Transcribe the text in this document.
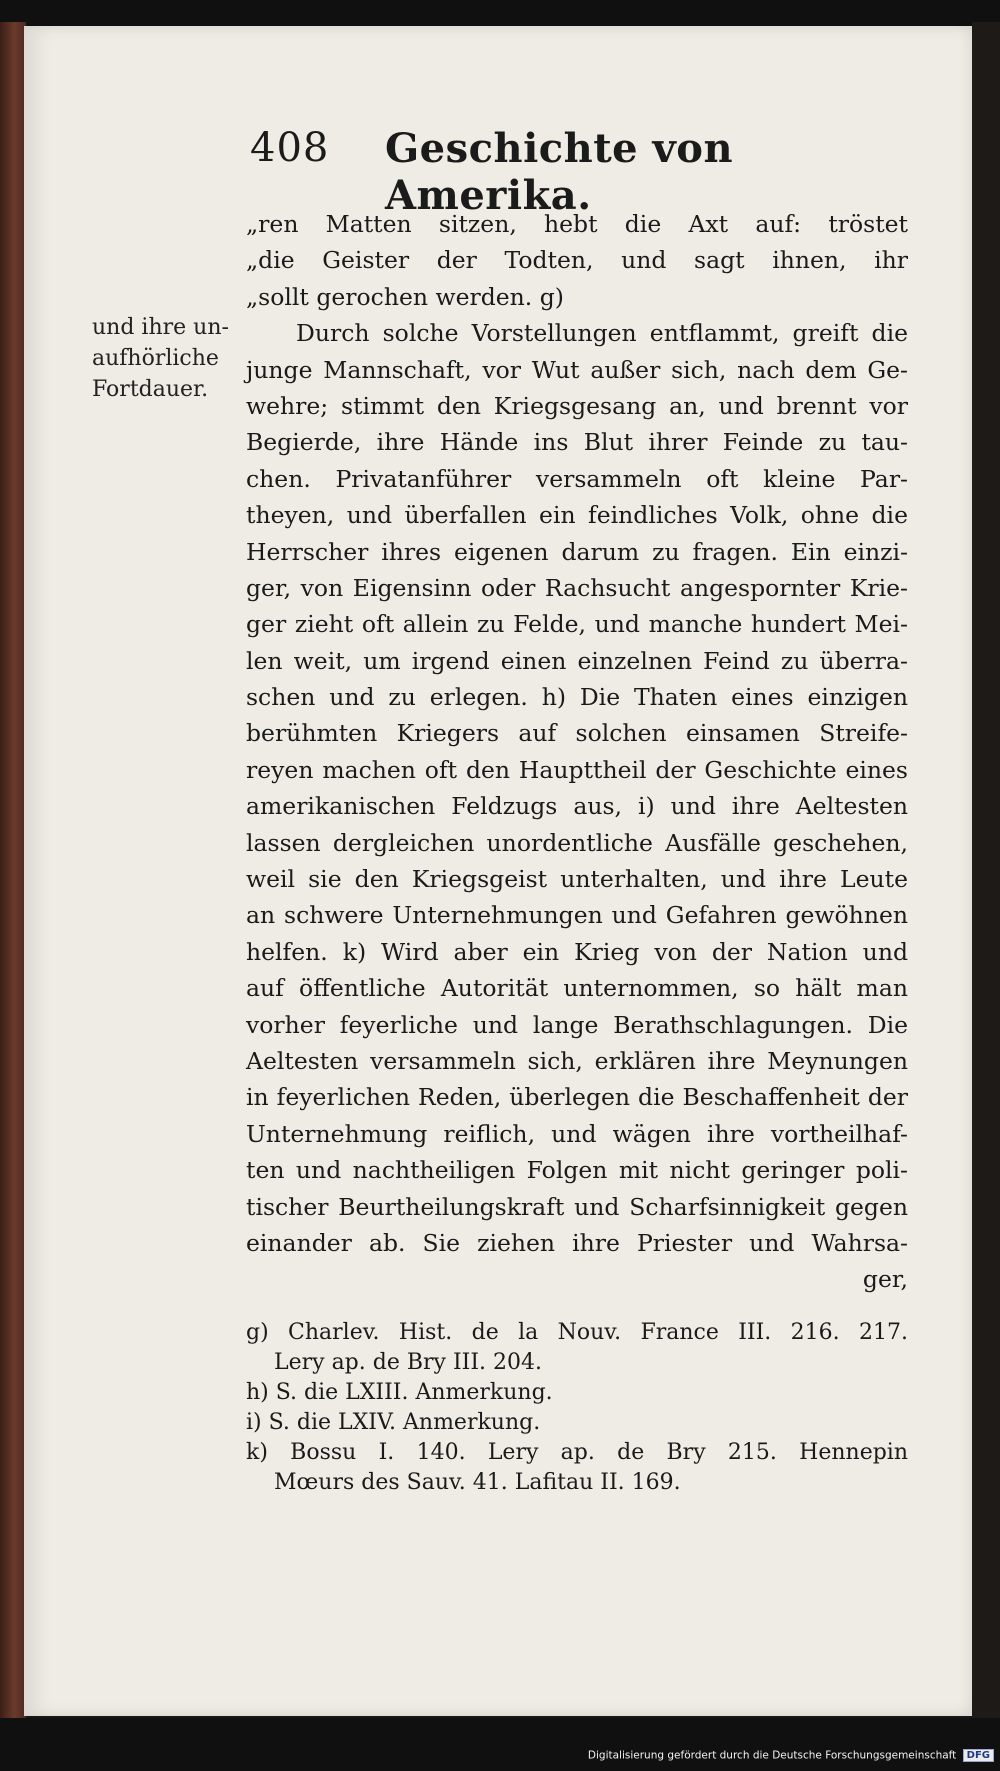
408 Geschichte von Amerika.
und ihre un-
aufhörliche
Fortdauer.
„ren Matten sitzen, hebt die Axt auf: tröstet
„die Geister der Todten, und sagt ihnen, ihr
„sollt gerochen werden. g)
Durch solche Vorstellungen entflammt, greift die
junge Mannschaft, vor Wut außer sich, nach dem Ge-
wehre; stimmt den Kriegsgesang an, und brennt vor
Begierde, ihre Hände ins Blut ihrer Feinde zu tau-
chen. Privatanführer versammeln oft kleine Par-
theyen, und überfallen ein feindliches Volk, ohne die
Herrscher ihres eigenen darum zu fragen. Ein einzi-
ger, von Eigensinn oder Rachsucht angespornter Krie-
ger zieht oft allein zu Felde, und manche hundert Mei-
len weit, um irgend einen einzelnen Feind zu überra-
schen und zu erlegen. h) Die Thaten eines einzigen
berühmten Kriegers auf solchen einsamen Streife-
reyen machen oft den Haupttheil der Geschichte eines
amerikanischen Feldzugs aus, i) und ihre Aeltesten
lassen dergleichen unordentliche Ausfälle geschehen,
weil sie den Kriegsgeist unterhalten, und ihre Leute
an schwere Unternehmungen und Gefahren gewöhnen
helfen. k) Wird aber ein Krieg von der Nation und
auf öffentliche Autorität unternommen, so hält man
vorher feyerliche und lange Berathschlagungen. Die
Aeltesten versammeln sich, erklären ihre Meynungen
in feyerlichen Reden, überlegen die Beschaffenheit der
Unternehmung reiflich, und wägen ihre vortheilhaf-
ten und nachtheiligen Folgen mit nicht geringer poli-
tischer Beurtheilungskraft und Scharfsinnigkeit gegen
einander ab. Sie ziehen ihre Priester und Wahrsa-
ger,
g) Charlev. Hist. de la Nouv. France III. 216. 217.
Lery ap. de Bry III. 204.
h) S. die LXIII. Anmerkung.
i) S. die LXIV. Anmerkung.
k) Bossu I. 140. Lery ap. de Bry 215. Hennepin
Mœurs des Sauv. 41. Lafitau II. 169.
Digitalisierung gefördert durch die Deutsche Forschungsgemeinschaft DFG
